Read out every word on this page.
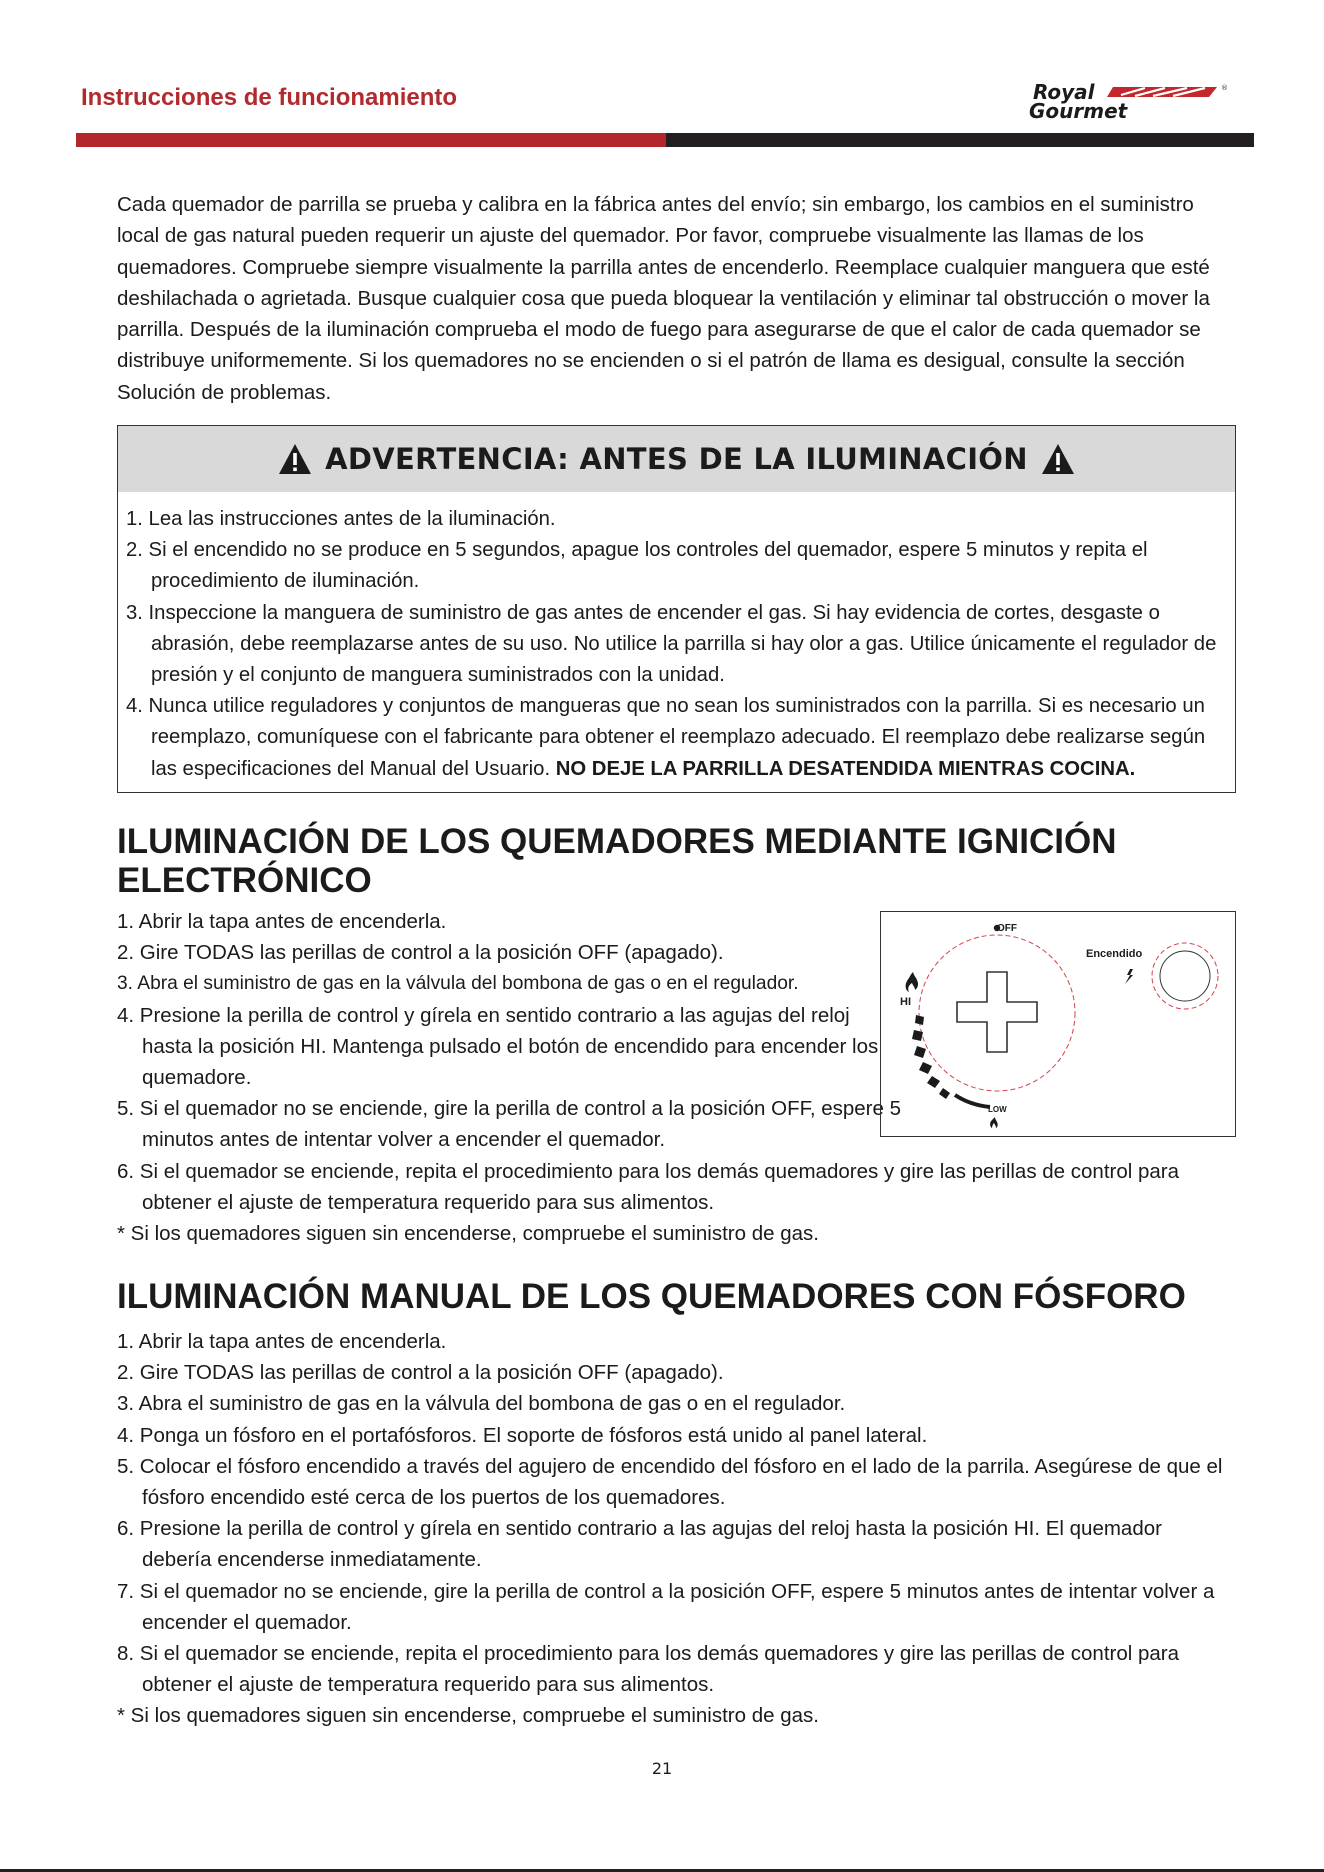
Instrucciones de funcionamiento	Royal
Gourmet
®

Cada quemador de parrilla se prueba y calibra en la fábrica antes del envío; sin embargo, los cambios en el suministro local de gas natural pueden requerir un ajuste del quemador. Por favor, compruebe visualmente las llamas de los quemadores. Compruebe siempre visualmente la parrilla antes de encenderlo. Reemplace cualquier manguera que esté deshilachada o agrietada. Busque cualquier cosa que pueda bloquear la ventilación y eliminar tal obstrucción o mover la parrilla. Después de la iluminación comprueba el modo de fuego para asegurarse de que el calor de cada quemador se distribuye uniformemente. Si los quemadores no se encienden o si el patrón de llama es desigual, consulte la sección Solución de problemas.

ADVERTENCIA: ANTES DE LA ILUMINACIÓN
1. Lea las instrucciones antes de la iluminación.
2. Si el encendido no se produce en 5 segundos, apague los controles del quemador, espere 5 minutos y repita el procedimiento de iluminación.
3. Inspeccione la manguera de suministro de gas antes de encender el gas. Si hay evidencia de cortes, desgaste o abrasión, debe reemplazarse antes de su uso. No utilice la parrilla si hay olor a gas. Utilice únicamente el regulador de presión y el conjunto de manguera suministrados con la unidad.
4. Nunca utilice reguladores y conjuntos de mangueras que no sean los suministrados con la parrilla. Si es necesario un reemplazo, comuníquese con el fabricante para obtener el reemplazo adecuado. El reemplazo debe realizarse según las especificaciones del Manual del Usuario. NO DEJE LA PARRILLA DESATENDIDA MIENTRAS COCINA.
ILUMINACIÓN DE LOS QUEMADORES MEDIANTE IGNICIÓN ELECTRÓNICO
1. Abrir la tapa antes de encenderla.
2. Gire TODAS las perillas de control a la posición OFF (apagado).
3. Abra el suministro de gas en la válvula del bombona de gas o en el regulador.
4. Presione la perilla de control y gírela en sentido contrario a las agujas del reloj hasta la posición HI. Mantenga pulsado el botón de encendido para encender los quemadore.
5. Si el quemador no se enciende, gire la perilla de control a la posición OFF, espere 5 minutos antes de intentar volver a encender el quemador.
6. Si el quemador se enciende, repita el procedimiento para los demás quemadores y gire las perillas de control para obtener el ajuste de temperatura requerido para sus alimentos.
* Si los quemadores siguen sin encenderse, compruebe el suministro de gas.
OFF
HI
LOW
Encendido
ILUMINACIÓN MANUAL DE LOS QUEMADORES CON FÓSFORO
1. Abrir la tapa antes de encenderla.
2. Gire TODAS las perillas de control a la posición OFF (apagado).
3. Abra el suministro de gas en la válvula del bombona de gas o en el regulador.
4. Ponga un fósforo en el portafósforos. El soporte de fósforos está unido al panel lateral.
5. Colocar el fósforo encendido a través del agujero de encendido del fósforo en el lado de la parrila. Asegúrese de que el fósforo encendido esté cerca de los puertos de los quemadores.
6. Presione la perilla de control y gírela en sentido contrario a las agujas del reloj hasta la posición HI. El quemador debería encenderse inmediatamente.
7. Si el quemador no se enciende, gire la perilla de control a la posición OFF, espere 5 minutos antes de intentar volver a encender el quemador.
8. Si el quemador se enciende, repita el procedimiento para los demás quemadores y gire las perillas de control para obtener el ajuste de temperatura requerido para sus alimentos.
* Si los quemadores siguen sin encenderse, compruebe el suministro de gas.
21
